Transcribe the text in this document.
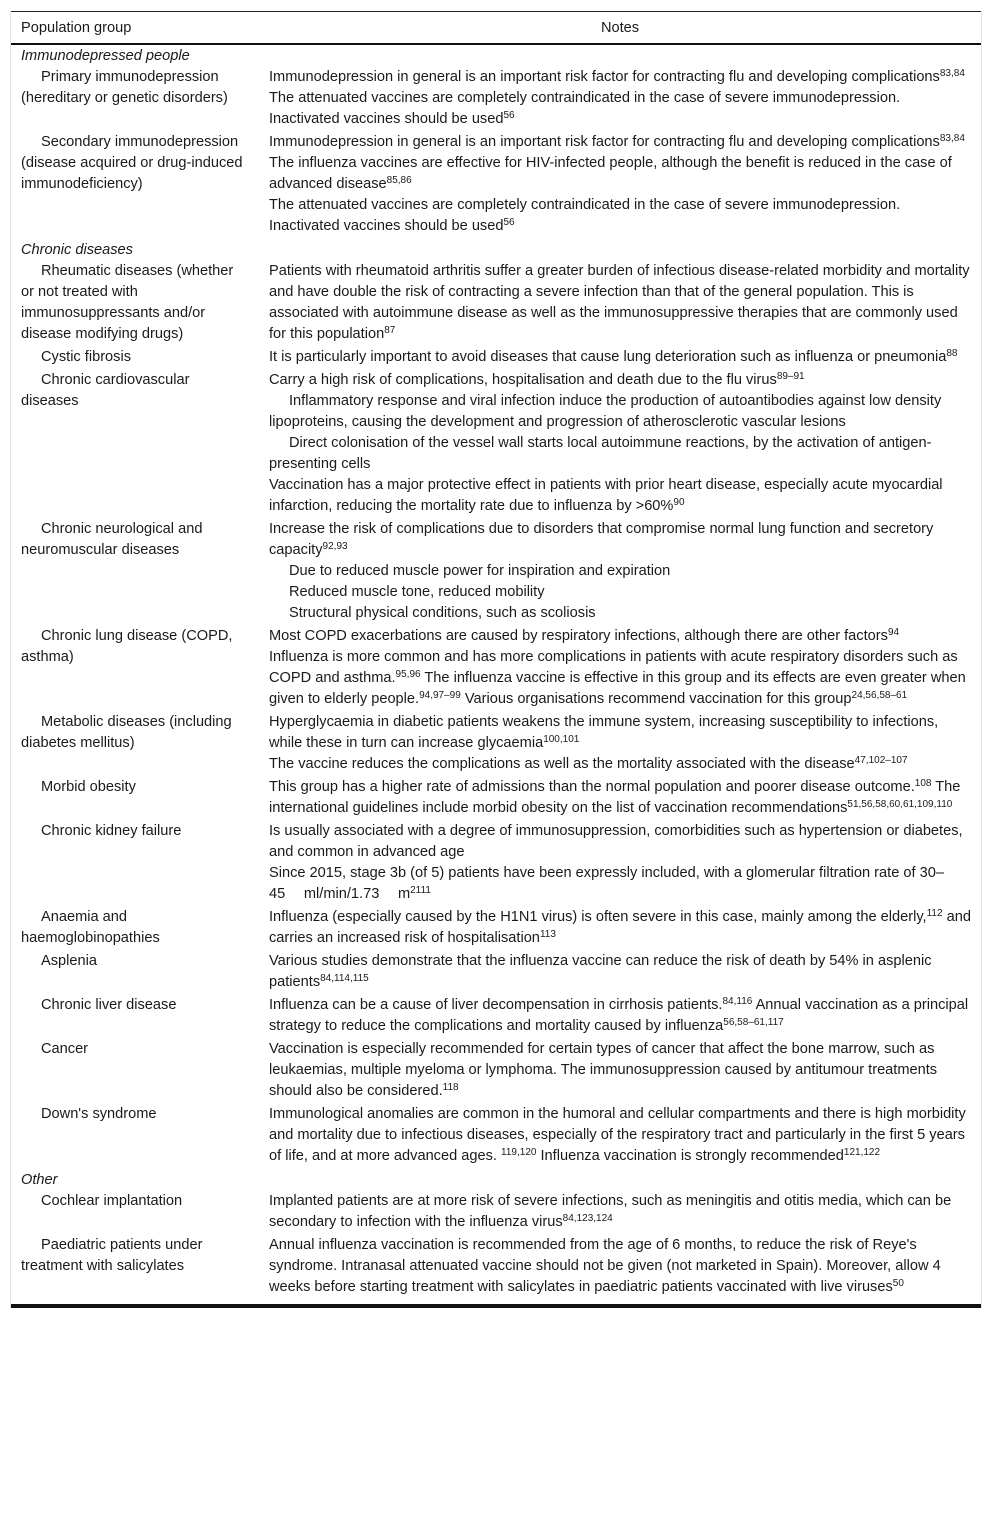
Population group	Notes
Immunodepressed people	
Primary immunodepression (hereditary or genetic disorders)	Immunodepression in general is an important risk factor for contracting flu and developing complications$^{83,84}$

The attenuated vaccines are completely contraindicated in the case of severe immunodepression. Inactivated vaccines should be used$^{56}$

Secondary immunodepression (disease acquired or drug-induced immunodeficiency)	Immunodepression in general is an important risk factor for contracting flu and developing complications$^{83,84}$

The influenza vaccines are effective for HIV-infected people, although the benefit is reduced in the case of advanced disease$^{85,86}$

The attenuated vaccines are completely contraindicated in the case of severe immunodepression. Inactivated vaccines should be used$^{56}$

Chronic diseases	
Rheumatic diseases (whether or not treated with immunosuppressants and/or disease modifying drugs)	Patients with rheumatoid arthritis suffer a greater burden of infectious disease-related morbidity and mortality and have double the risk of contracting a severe infection than that of the general population. This is associated with autoimmune disease as well as the immunosuppressive therapies that are commonly used for this population$^{87}$

Cystic fibrosis	It is particularly important to avoid diseases that cause lung deterioration such as influenza or pneumonia$^{88}$

Chronic cardiovascular diseases	Carry a high risk of complications, hospitalisation and death due to the flu virus$^{89-91}$

Inflammatory response and viral infection induce the production of autoantibodies against low density lipoproteins, causing the development and progression of atherosclerotic vascular lesions

Direct colonisation of the vessel wall starts local autoimmune reactions, by the activation of antigen-presenting cells

Vaccination has a major protective effect in patients with prior heart disease, especially acute myocardial infarction, reducing the mortality rate due to influenza by >60%$^{90}$

Chronic neurological and neuromuscular diseases	Increase the risk of complications due to disorders that compromise normal lung function and secretory capacity$^{92,93}$

Due to reduced muscle power for inspiration and expiration

Reduced muscle tone, reduced mobility

Structural physical conditions, such as scoliosis

Chronic lung disease (COPD, asthma)	Most COPD exacerbations are caused by respiratory infections, although there are other factors$^{94}$

Influenza is more common and has more complications in patients with acute respiratory disorders such as COPD and asthma.$^{95,96}$ The influenza vaccine is effective in this group and its effects are even greater when given to elderly people.$^{94,97-99}$ Various organisations recommend vaccination for this group$^{24,56,58-61}$

Metabolic diseases (including diabetes mellitus)	Hyperglycaemia in diabetic patients weakens the immune system, increasing susceptibility to infections, while these in turn can increase glycaemia$^{100,101}$

The vaccine reduces the complications as well as the mortality associated with the disease$^{47,102-107}$

Morbid obesity	This group has a higher rate of admissions than the normal population and poorer disease outcome.$^{108}$ The international guidelines include morbid obesity on the list of vaccination recommendations$^{51,56,58,60,61,109,110}$

Chronic kidney failure	Is usually associated with a degree of immunosuppression, comorbidities such as hypertension or diabetes, and common in advanced age

Since 2015, stage 3b (of 5) patients have been expressly included, with a glomerular filtration rate of 30–45  ml/min/1.73  $m^{2111}$

Anaemia and haemoglobinopathies	Influenza (especially caused by the H1N1 virus) is often severe in this case, mainly among the elderly,$^{112}$ and carries an increased risk of hospitalisation$^{113}$

Asplenia	Various studies demonstrate that the influenza vaccine can reduce the risk of death by 54% in asplenic patients$^{84,114,115}$

Chronic liver disease	Influenza can be a cause of liver decompensation in cirrhosis patients.$^{84,116}$ Annual vaccination as a principal strategy to reduce the complications and mortality caused by influenza$^{56,58-61,117}$

Cancer	Vaccination is especially recommended for certain types of cancer that affect the bone marrow, such as leukaemias, multiple myeloma or lymphoma. The immunosuppression caused by antitumour treatments should also be considered.$^{118}$

Down's syndrome	Immunological anomalies are common in the humoral and cellular compartments and there is high morbidity and mortality due to infectious diseases, especially of the respiratory tract and particularly in the first 5 years of life, and at more advanced ages. $^{119,120}$ Influenza vaccination is strongly recommended$^{121,122}$

Other	
Cochlear implantation	Implanted patients are at more risk of severe infections, such as meningitis and otitis media, which can be secondary to infection with the influenza virus$^{84,123,124}$

Paediatric patients under treatment with salicylates	Annual influenza vaccination is recommended from the age of 6 months, to reduce the risk of Reye's syndrome. Intranasal attenuated vaccine should not be given (not marketed in Spain). Moreover, allow 4 weeks before starting treatment with salicylates in paediatric patients vaccinated with live viruses$^{50}$
